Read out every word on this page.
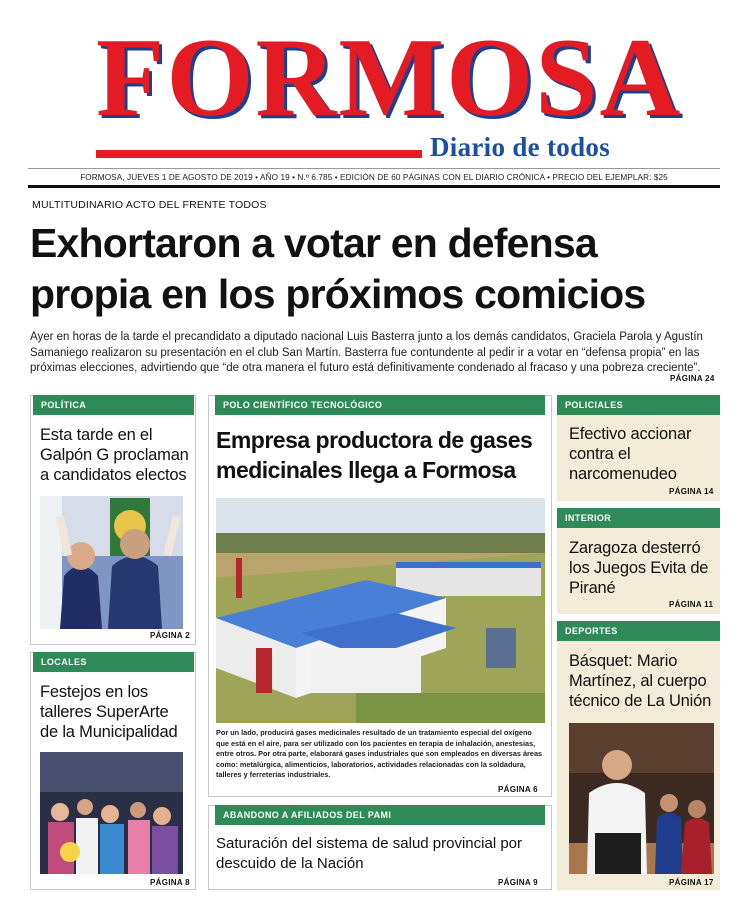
FORMOSA
Diario de todos
FORMOSA, JUEVES 1 DE AGOSTO DE 2019 • AÑO 19 • N.º 6.785 • EDICIÓN DE 60 PÁGINAS CON EL DIARIO CRÓNICA • PRECIO DEL EJEMPLAR: $25
MULTITUDINARIO ACTO DEL FRENTE TODOS
Exhortaron a votar en defensa propia en los próximos comicios
Ayer en horas de la tarde el precandidato a diputado nacional Luis Basterra junto a los demás candidatos, Graciela Parola y Agustín Samaniego realizaron su presentación en el club San Martín. Basterra fue contundente al pedir ir a votar en “defensa propia” en las próximas elecciones, advirtiendo que “de otra manera el futuro está definitivamente condenado al fracaso y una pobreza creciente”.
PÁGINA 24
POLÍTICA
Esta tarde en el Galpón G proclaman a candidatos electos
PÁGINA 2
LOCALES
Festejos en los talleres SuperArte de la Municipalidad
PÁGINA 8
POLO CIENTÍFICO TECNOLÓGICO
Empresa productora de gases medicinales llega a Formosa
Por un lado, producirá gases medicinales resultado de un tratamiento especial del oxígeno que está en el aire, para ser utilizado con los pacientes en terapia de inhalación, anestesias, entre otros. Por otra parte, elaborará gases industriales que son empleados en diversas áreas como: metalúrgica, alimenticios, laboratorios, actividades relacionadas con la soldadura, talleres y ferreterías industriales.
PÁGINA 6
ABANDONO A AFILIADOS DEL PAMI
Saturación del sistema de salud provincial por descuido de la Nación
PÁGINA 9
POLICIALES
Efectivo accionar contra el narcomenudeo
PÁGINA 14
INTERIOR
Zaragoza desterró los Juegos Evita de Pirané
PÁGINA 11
DEPORTES
Básquet: Mario Martínez, al cuerpo técnico de La Unión
PÁGINA 17
